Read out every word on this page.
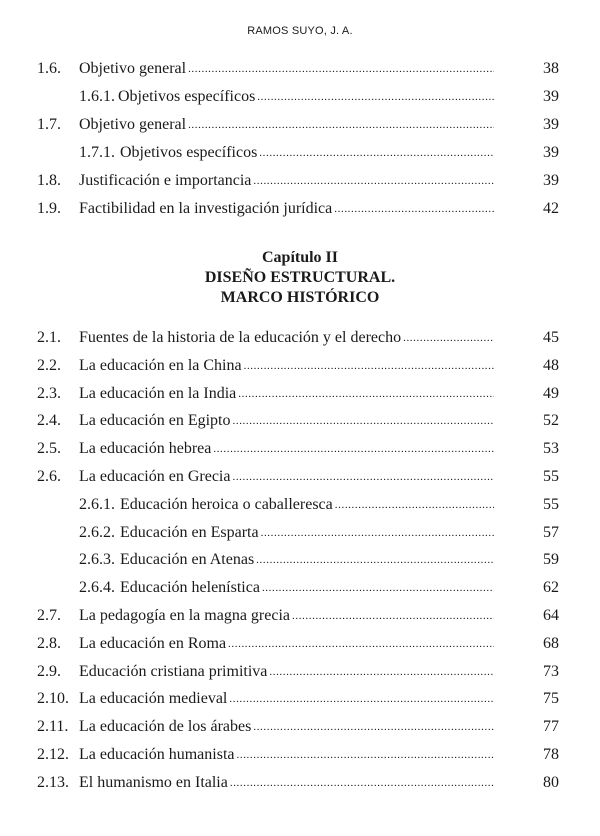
RAMOS SUYO, J. A.
1.6. Objetivo general .....	38
1.6.1. Objetivos específicos .....	39
1.7. Objetivo general .....	39
1.7.1. Objetivos específicos .....	39
1.8. Justificación e importancia .....	39
1.9. Factibilidad en la investigación jurídica .....	42
Capítulo II
DISEÑO ESTRUCTURAL.
MARCO HISTÓRICO
2.1. Fuentes de la historia de la educación y el derecho .....	45
2.2. La educación en la China .....	48
2.3. La educación en la India .....	49
2.4. La educación en Egipto .....	52
2.5. La educación hebrea .....	53
2.6. La educación en Grecia .....	55
2.6.1. Educación heroica o caballeresca .....	55
2.6.2. Educación en Esparta .....	57
2.6.3. Educación en Atenas .....	59
2.6.4. Educación helenística .....	62
2.7. La pedagogía en la magna grecia .....	64
2.8. La educación en Roma .....	68
2.9. Educación cristiana primitiva .....	73
2.10. La educación medieval .....	75
2.11. La educación de los árabes .....	77
2.12. La educación humanista .....	78
2.13. El humanismo en Italia .....	80
